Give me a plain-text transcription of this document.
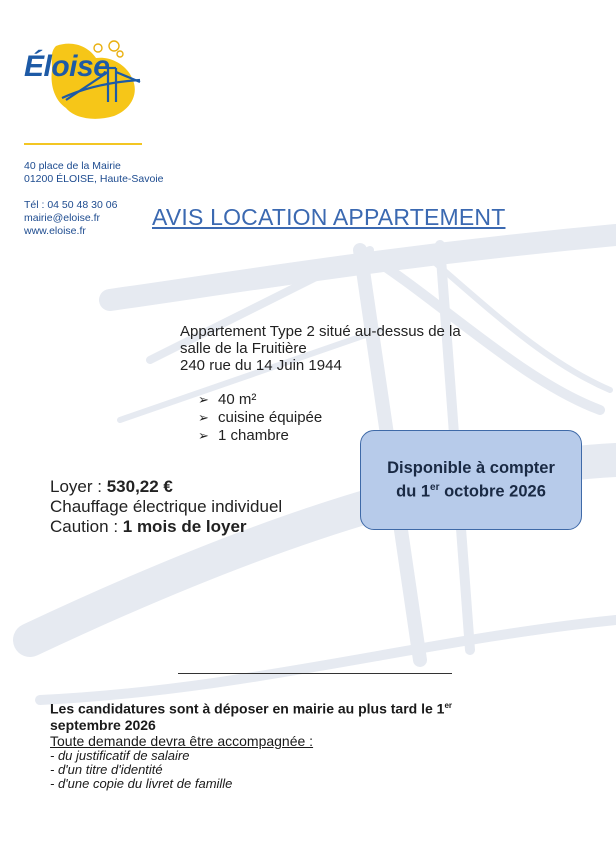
Éloise
40 place de la Mairie
01200 ÉLOISE, Haute-Savoie
Tél : 04 50 48 30 06
mairie@eloise.fr
www.eloise.fr
AVIS LOCATION APPARTEMENT
Appartement Type 2 situé au-dessus de la
salle de la Fruitière
240 rue du 14 Juin 1944
➢ 40 m²
➢ cuisine équipée
➢ 1 chambre
Loyer : 530,22 €
Chauffage électrique individuel
Caution : 1 mois de loyer
Disponible à compter
du 1er octobre 2026
Les candidatures sont à déposer en mairie au plus tard le 1er
septembre 2026
Toute demande devra être accompagnée :
- du justificatif de salaire
- d'un titre d'identité
- d'une copie du livret de famille
